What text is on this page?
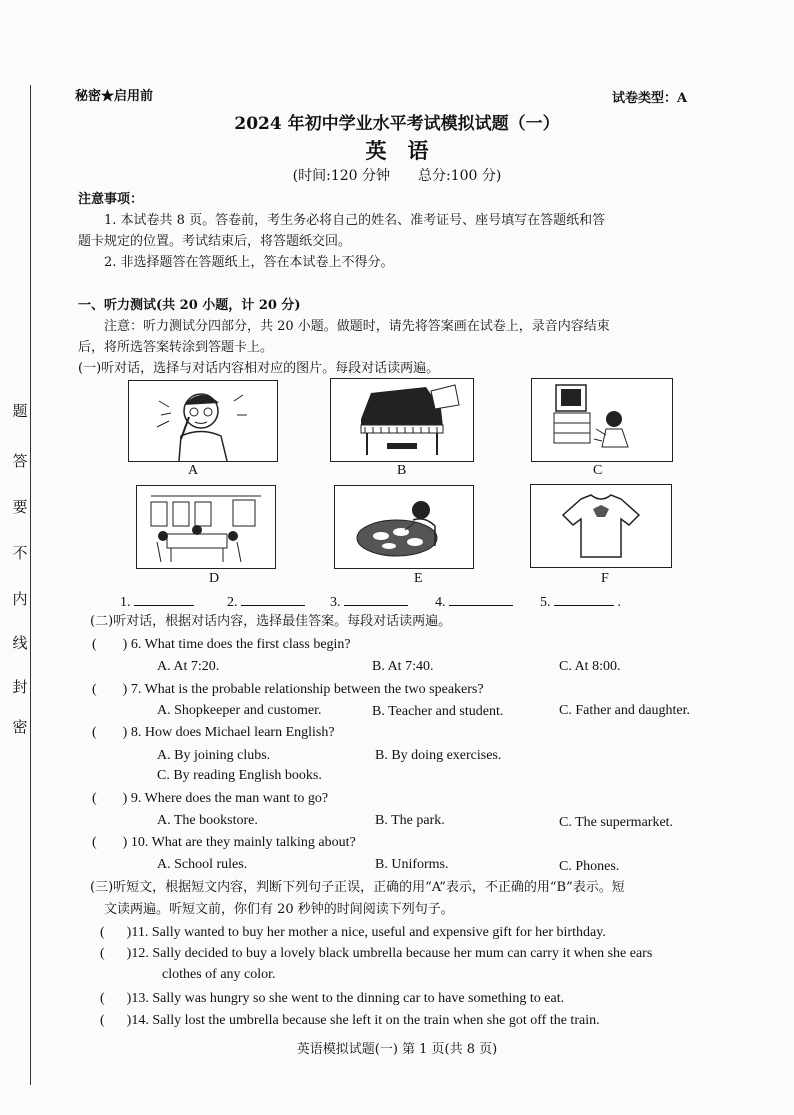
题
答
要
不
内
线
封
密
秘密★启用前	试卷类型：A
2024 年初中学业水平考试模拟试题（一）
英　语
(时间:120 分钟　　总分:100 分)
注意事项：
1. 本试卷共 8 页。答卷前，考生务必将自己的姓名、准考证号、座号填写在答题纸和答
题卡规定的位置。考试结束后，将答题纸交回。
2. 非选择题答在答题纸上，答在本试卷上不得分。
一、听力测试(共 20 小题，计 20 分)
注意：听力测试分四部分，共 20 小题。做题时，请先将答案画在试卷上，录音内容结束
后，将所选答案转涂到答题卡上。
(一)听对话，选择与对话内容相对应的图片。每段对话读两遍。
A	B	C
D	E	F
1.	2.	3.	4.	5.	.
(二)听对话，根据对话内容，选择最佳答案。每段对话读两遍。
( ) 6. What time does the first class begin?
A. At 7:20.	B. At 7:40.	C. At 8:00.
( ) 7. What is the probable relationship between the two speakers?
A. Shopkeeper and customer.	B. Teacher and student.	C. Father and daughter.
( ) 8. How does Michael learn English?
A. By joining clubs.	B. By doing exercises.
C. By reading English books.
( ) 9. Where does the man want to go?
A. The bookstore.	B. The park.	C. The supermarket.
( ) 10. What are they mainly talking about?
A. School rules.	B. Uniforms.	C. Phones.
(三)听短文，根据短文内容，判断下列句子正误，正确的用“A”表示，不正确的用“B”表示。短
文读两遍。听短文前，你们有 20 秒钟的时间阅读下列句子。
( )11. Sally wanted to buy her mother a nice, useful and expensive gift for her birthday.
( )12. Sally decided to buy a lovely black umbrella because her mum can carry it when she ears
clothes of any color.
( )13. Sally was hungry so she went to the dinning car to have something to eat.
( )14. Sally lost the umbrella because she left it on the train when she got off the train.
英语模拟试题(一) 第 1 页(共 8 页)
